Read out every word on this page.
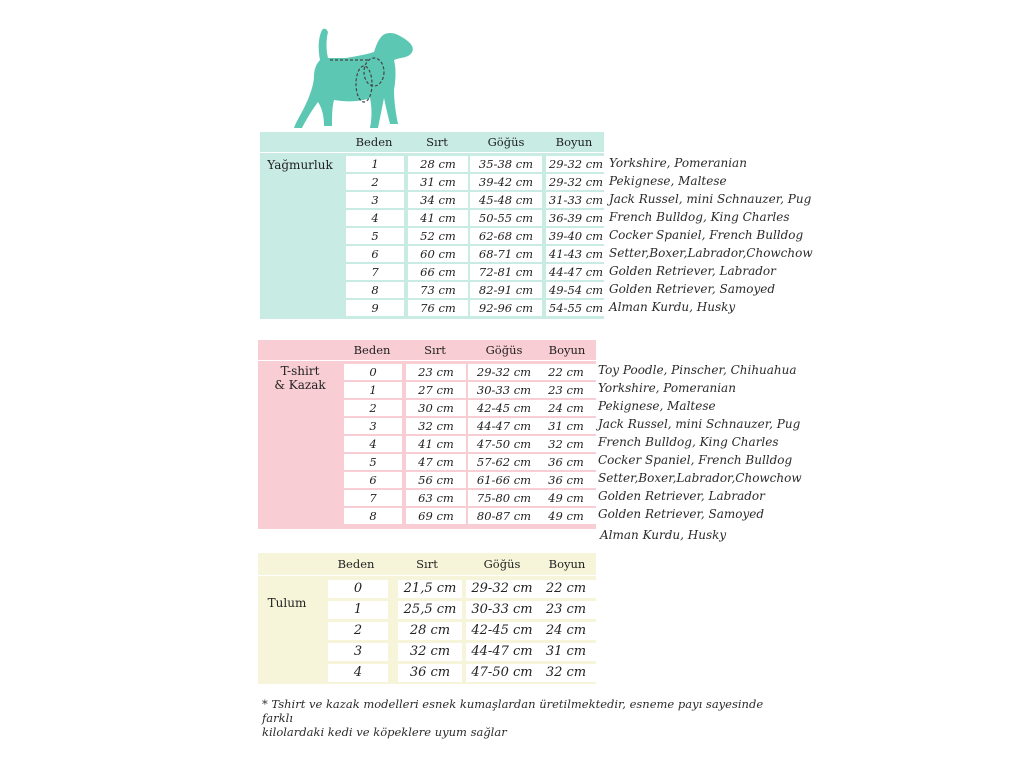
Beden	Sırt	Göğüs	Boyun
Yağmurluk	1	28 cm	35-38 cm	29-32 cm Yorkshire, Pomeranian
2	31 cm	39-42 cm	29-32 cm Pekignese, Maltese
3	34 cm	45-48 cm	31-33 cm Jack Russel, mini Schnauzer, Pug
4	41 cm	50-55 cm	36-39 cm French Bulldog, King Charles
5	52 cm	62-68 cm	39-40 cm Cocker Spaniel, French Bulldog
6	60 cm	68-71 cm	41-43 cm Setter,Boxer,Labrador,Chowchow
7	66 cm	72-81 cm	44-47 cm Golden Retriever, Labrador
8	73 cm	82-91 cm	49-54 cm Golden Retriever, Samoyed
9	76 cm	92-96 cm	54-55 cm Alman Kurdu, Husky
Beden	Sırt	Göğüs	Boyun
T-shirt
& Kazak
0	23 cm	29-32 cm	22 cm	Toy Poodle, Pinscher, Chihuahua
1	27 cm	30-33 cm	23 cm	Yorkshire, Pomeranian
2	30 cm	42-45 cm	24 cm	Pekignese, Maltese
3	32 cm	44-47 cm	31 cm	Jack Russel, mini Schnauzer, Pug
4	41 cm	47-50 cm	32 cm	French Bulldog, King Charles
5	47 cm	57-62 cm	36 cm	Cocker Spaniel, French Bulldog
6	56 cm	61-66 cm	36 cm	Setter,Boxer,Labrador,Chowchow
7	63 cm	75-80 cm	49 cm	Golden Retriever, Labrador
8	69 cm	80-87 cm	49 cm	Golden Retriever, Samoyed
Alman Kurdu, Husky
Beden	Sırt	Göğüs	Boyun
Tulum
0	21,5 cm	29-32 cm	22 cm
1	25,5 cm	30-33 cm	23 cm
2	28 cm	42-45 cm	24 cm
3	32 cm	44-47 cm	31 cm
4	36 cm	47-50 cm	32 cm
* Tshirt ve kazak modelleri esnek kumaşlardan üretilmektedir, esneme payı sayesinde farklı
kilolardaki kedi ve köpeklere uyum sağlar
